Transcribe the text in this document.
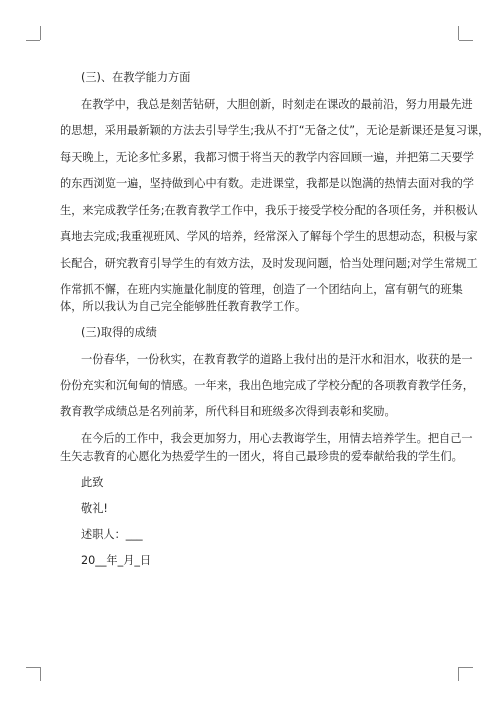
(三)、在教学能力方面
在教学中，我总是刻苦钻研，大胆创新，时刻走在课改的最前沿，努力用最先进
的思想，采用最新颖的方法去引导学生;我从不打“无备之仗”，无论是新课还是复习课，
每天晚上，无论多忙多累，我都习惯于将当天的教学内容回顾一遍，并把第二天要学
的东西浏览一遍，坚持做到心中有数。走进课堂，我都是以饱满的热情去面对我的学
生，来完成教学任务;在教育教学工作中，我乐于接受学校分配的各项任务，并积极认
真地去完成;我重视班风、学风的培养，经常深入了解每个学生的思想动态，积极与家
长配合，研究教育引导学生的有效方法，及时发现问题，恰当处理问题;对学生常规工
作常抓不懈，在班内实施量化制度的管理，创造了一个团结向上，富有朝气的班集
体，所以我认为自己完全能够胜任教育教学工作。
(三)取得的成绩
一份春华，一份秋实，在教育教学的道路上我付出的是汗水和泪水，收获的是一
份份充实和沉甸甸的情感。一年来，我出色地完成了学校分配的各项教育教学任务，
教育教学成绩总是名列前茅，所代科目和班级多次得到表彰和奖励。
在今后的工作中，我会更加努力，用心去教诲学生，用情去培养学生。把自己一
生矢志教育的心愿化为热爱学生的一团火，将自己最珍贵的爱奉献给我的学生们。
此致
敬礼!
述职人：___
20__年_月_日
